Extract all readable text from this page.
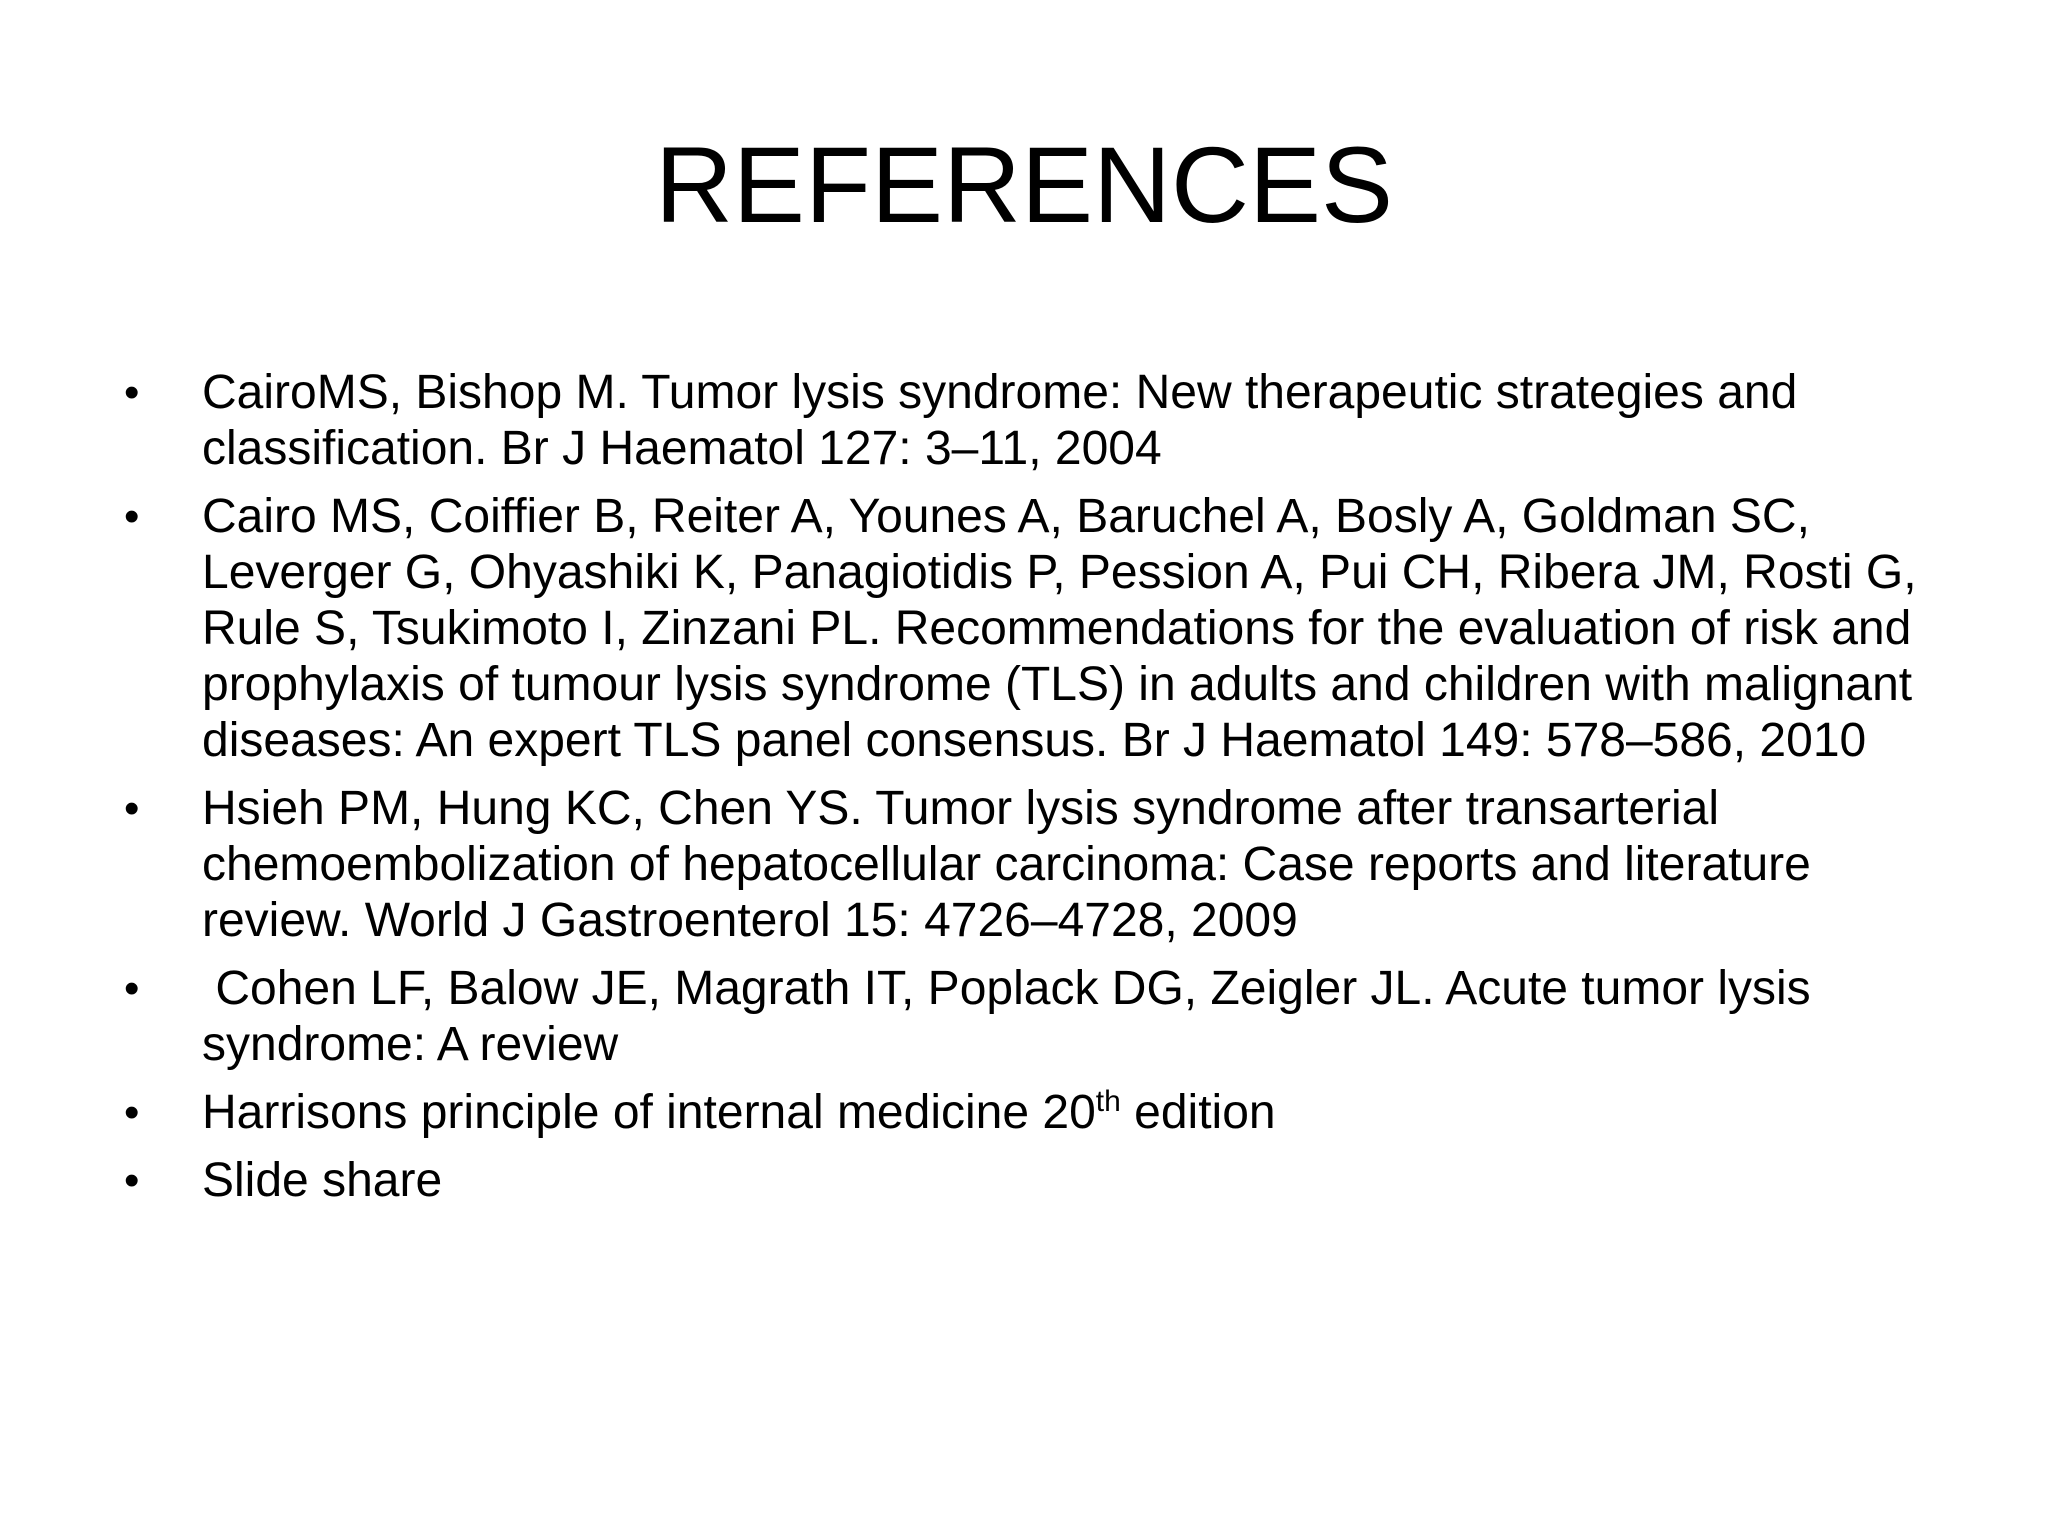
REFERENCES
•	CairoMS, Bishop M. Tumor lysis syndrome: New therapeutic strategies and classification. Br J Haematol 127: 3–11, 2004
•	Cairo MS, Coiffier B, Reiter A, Younes A, Baruchel A, Bosly A, Goldman SC, Leverger G, Ohyashiki K, Panagiotidis P, Pession A, Pui CH, Ribera JM, Rosti G, Rule S, Tsukimoto I, Zinzani PL. Recommendations for the evaluation of risk and prophylaxis of tumour lysis syndrome (TLS) in adults and children with malignant diseases: An expert TLS panel consensus. Br J Haematol 149: 578–586, 2010
•	Hsieh PM, Hung KC, Chen YS. Tumor lysis syndrome after transarterial chemoembolization of hepatocellular carcinoma: Case reports and literature review. World J Gastroenterol 15: 4726–4728, 2009
•	Cohen LF, Balow JE, Magrath IT, Poplack DG, Zeigler JL. Acute tumor lysis syndrome: A review
•	Harrisons principle of internal medicine 20th edition
•	Slide share
